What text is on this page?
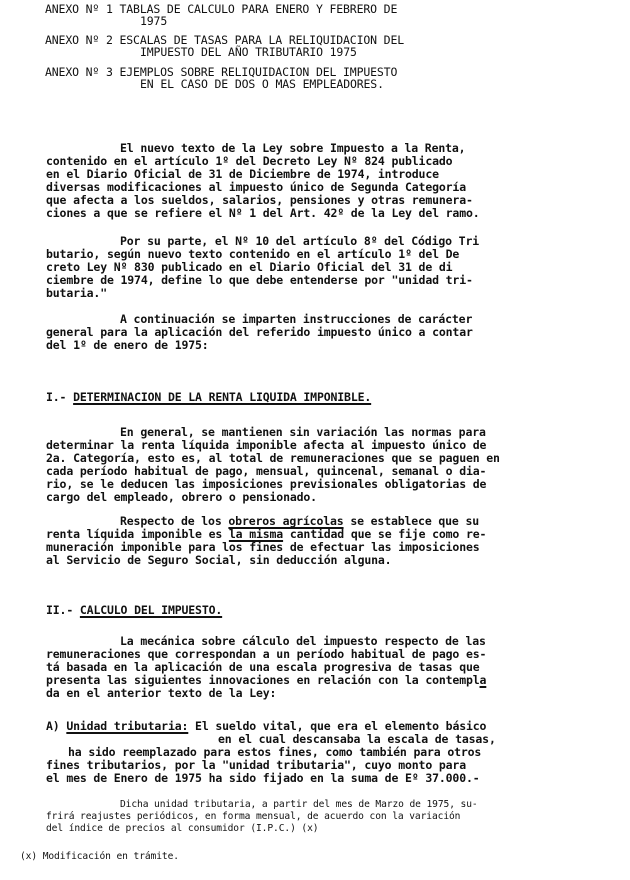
ANEXO Nº 1 TABLAS DE CALCULO PARA ENERO Y FEBRERO DE
1975
ANEXO Nº 2 ESCALAS DE TASAS PARA LA RELIQUIDACION DEL
IMPUESTO DEL AÑO TRIBUTARIO 1975
ANEXO Nº 3 EJEMPLOS SOBRE RELIQUIDACION DEL IMPUESTO
EN EL CASO DE DOS O MAS EMPLEADORES.
El nuevo texto de la Ley sobre Impuesto a la Renta,
contenido en el artículo 1º del Decreto Ley Nº 824 publicado
en el Diario Oficial de 31 de Diciembre de 1974, introduce
diversas modificaciones al impuesto único de Segunda Categoría
que afecta a los sueldos, salarios, pensiones y otras remunera-
ciones a que se refiere el Nº 1 del Art. 42º de la Ley del ramo.
Por su parte, el Nº 10 del artículo 8º del Código Tri
butario, según nuevo texto contenido en el artículo 1º del De
creto Ley Nº 830 publicado en el Diario Oficial del 31 de di
ciembre de 1974, define lo que debe entenderse por "unidad tri-
butaria."
A continuación se imparten instrucciones de carácter
general para la aplicación del referido impuesto único a contar
del 1º de enero de 1975:
I.- DETERMINACION DE LA RENTA LIQUIDA IMPONIBLE.
En general, se mantienen sin variación las normas para
determinar la renta líquida imponible afecta al impuesto único de
2a. Categoría, esto es, al total de remuneraciones que se paguen en
cada período habitual de pago, mensual, quincenal, semanal o dia-
rio, se le deducen las imposiciones previsionales obligatorias de
cargo del empleado, obrero o pensionado.
Respecto de los obreros agrícolas se establece que su
renta líquida imponible es la misma cantidad que se fije como re-
muneración imponible para los fines de efectuar las imposiciones
al Servicio de Seguro Social, sin deducción alguna.
II.- CALCULO DEL IMPUESTO.
La mecánica sobre cálculo del impuesto respecto de las
remuneraciones que correspondan a un período habitual de pago es-
tá basada en la aplicación de una escala progresiva de tasas que
presenta las siguientes innovaciones en relación con la contempla
da en el anterior texto de la Ley:
A) Unidad tributaria: El sueldo vital, que era el elemento básico
en el cual descansaba la escala de tasas,
ha sido reemplazado para estos fines, como también para otros
fines tributarios, por la "unidad tributaria", cuyo monto para
el mes de Enero de 1975 ha sido fijado en la suma de Eº 37.000.-
Dicha unidad tributaria, a partir del mes de Marzo de 1975, su-
frirá reajustes periódicos, en forma mensual, de acuerdo con la variación
del índice de precios al consumidor (I.P.C.) (x)
(x) Modificación en trámite.
